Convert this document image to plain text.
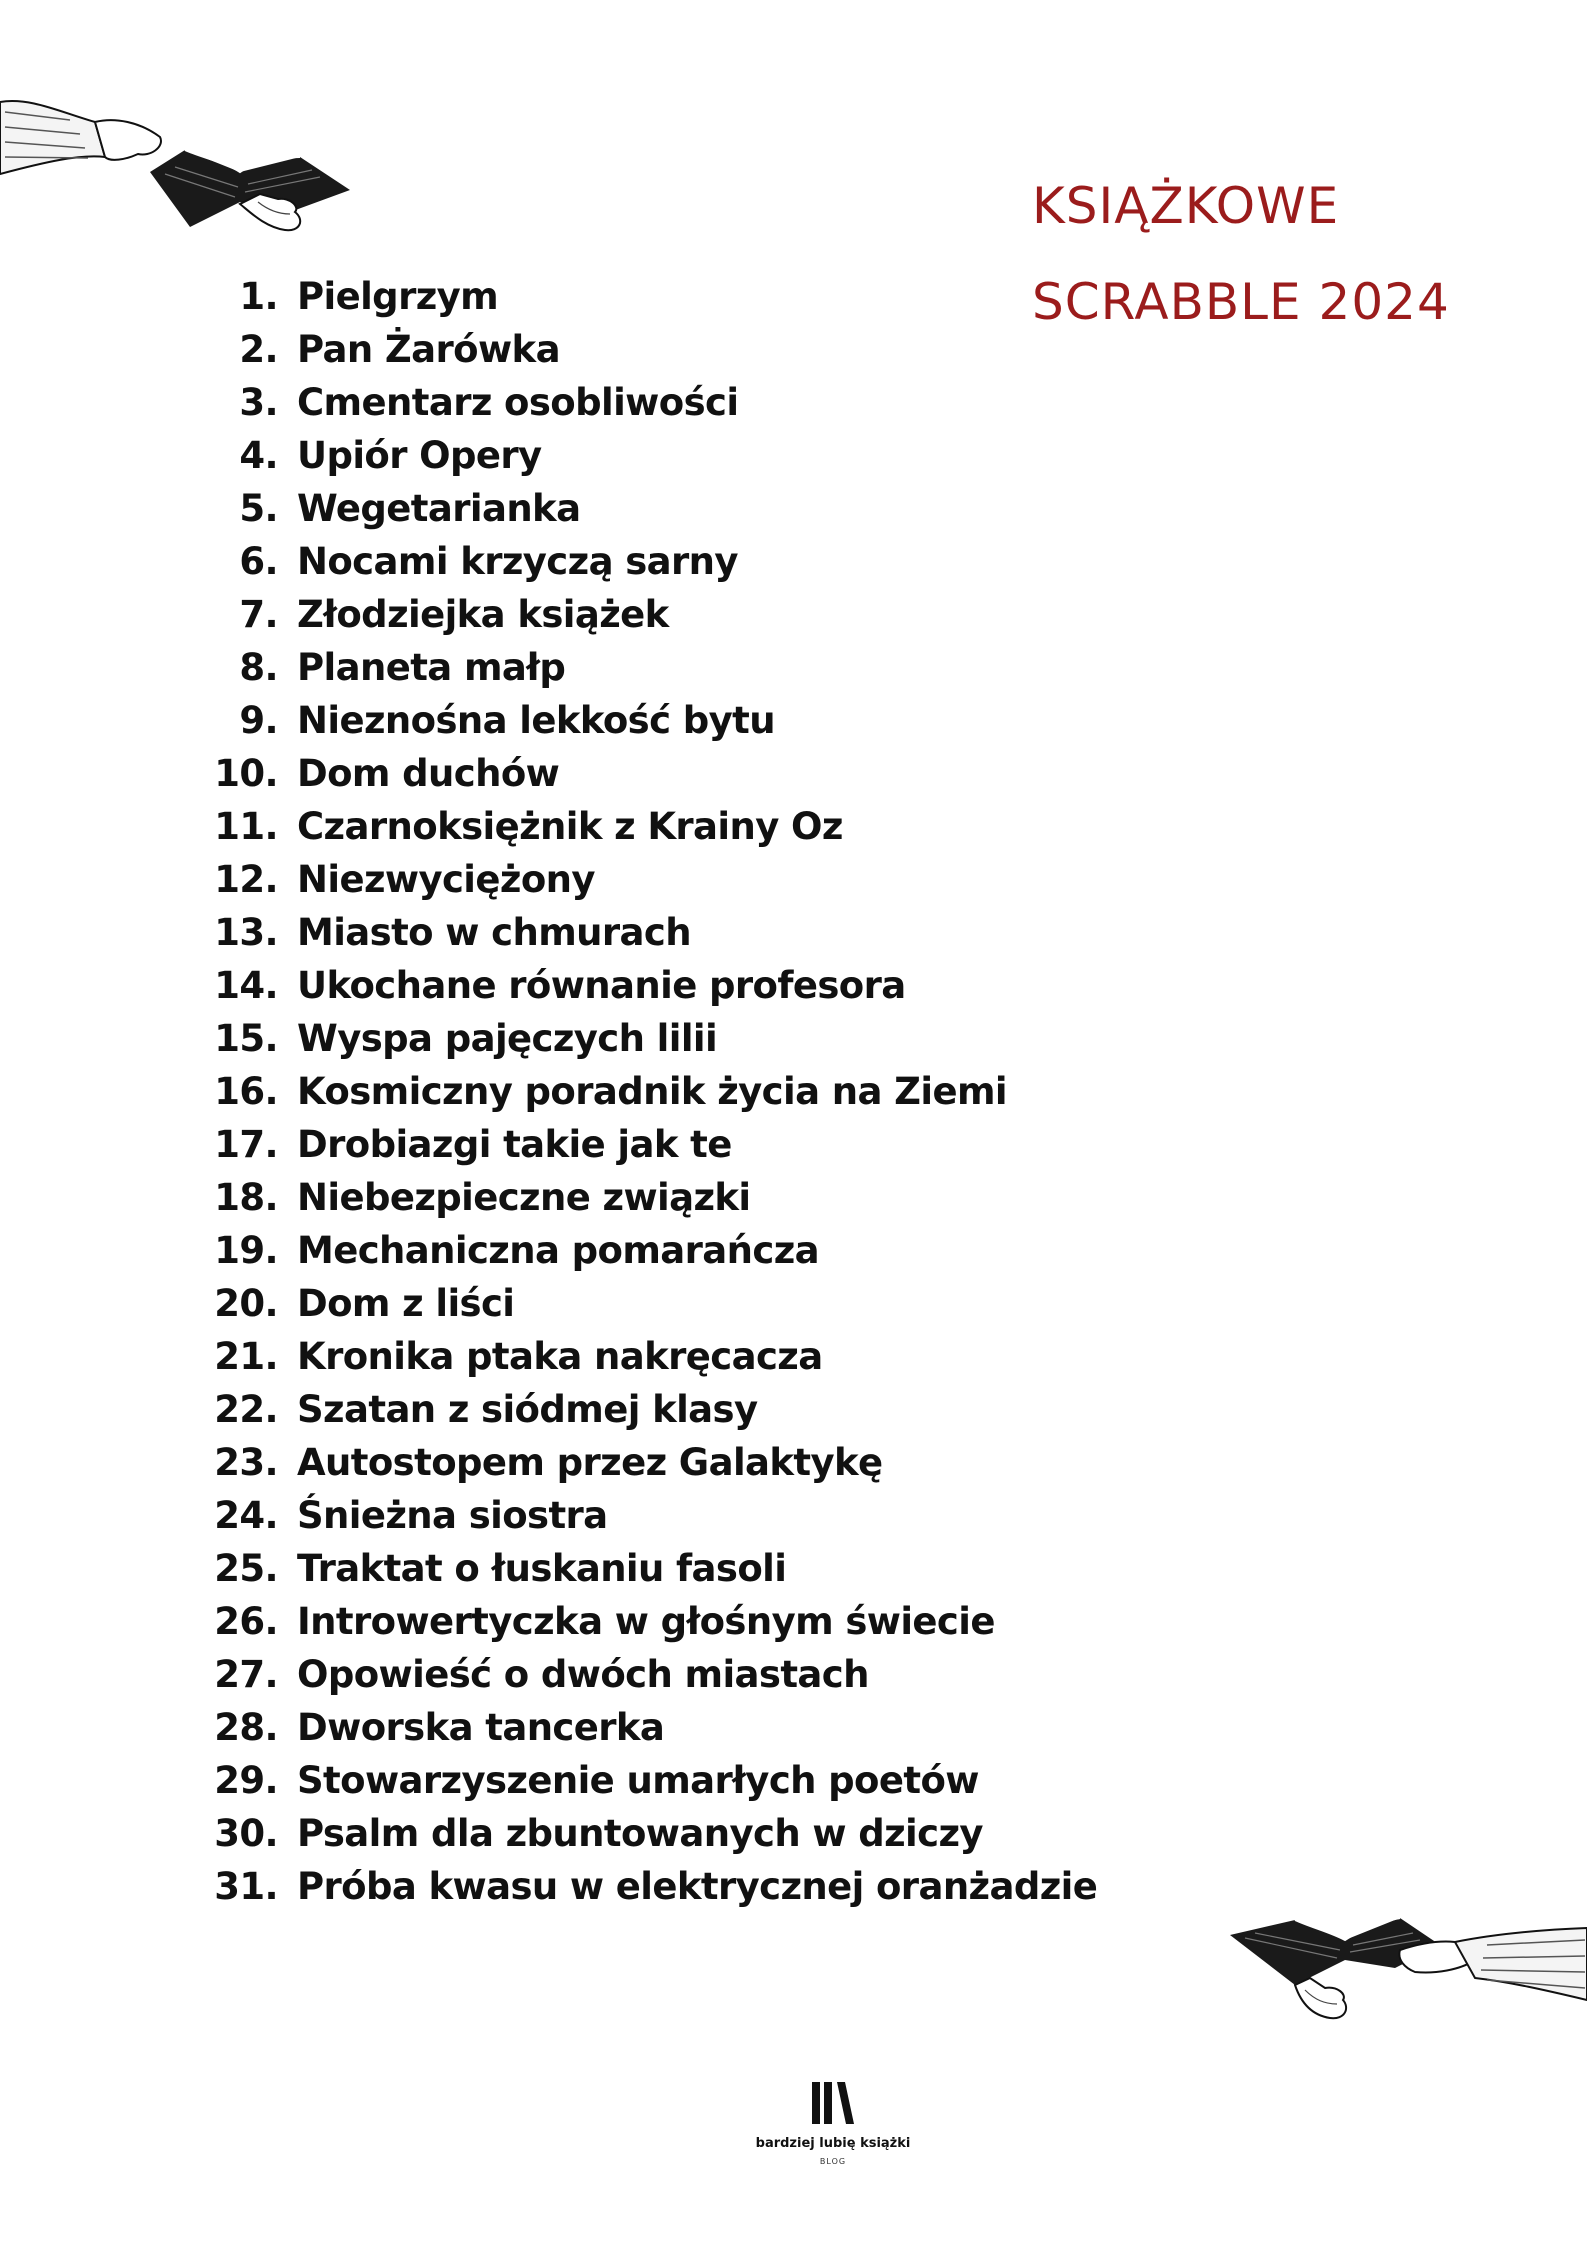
KSIĄŻKOWE
SCRABBLE 2024
1. Pielgrzym
2. Pan Żarówka
3. Cmentarz osobliwości
4. Upiór Opery
5. Wegetarianka
6. Nocami krzyczą sarny
7. Złodziejka książek
8. Planeta małp
9. Nieznośna lekkość bytu
10. Dom duchów
11. Czarnoksiężnik z Krainy Oz
12. Niezwyciężony
13. Miasto w chmurach
14. Ukochane równanie profesora
15. Wyspa pajęczych lilii
16. Kosmiczny poradnik życia na Ziemi
17. Drobiazgi takie jak te
18. Niebezpieczne związki
19. Mechaniczna pomarańcza
20. Dom z liści
21. Kronika ptaka nakręcacza
22. Szatan z siódmej klasy
23. Autostopem przez Galaktykę
24. Śnieżna siostra
25. Traktat o łuskaniu fasoli
26. Introwertyczka w głośnym świecie
27. Opowieść o dwóch miastach
28. Dworska tancerka
29. Stowarzyszenie umarłych poetów
30. Psalm dla zbuntowanych w dziczy
31. Próba kwasu w elektrycznej oranżadzie
bardziej lubię książki
BLOG
